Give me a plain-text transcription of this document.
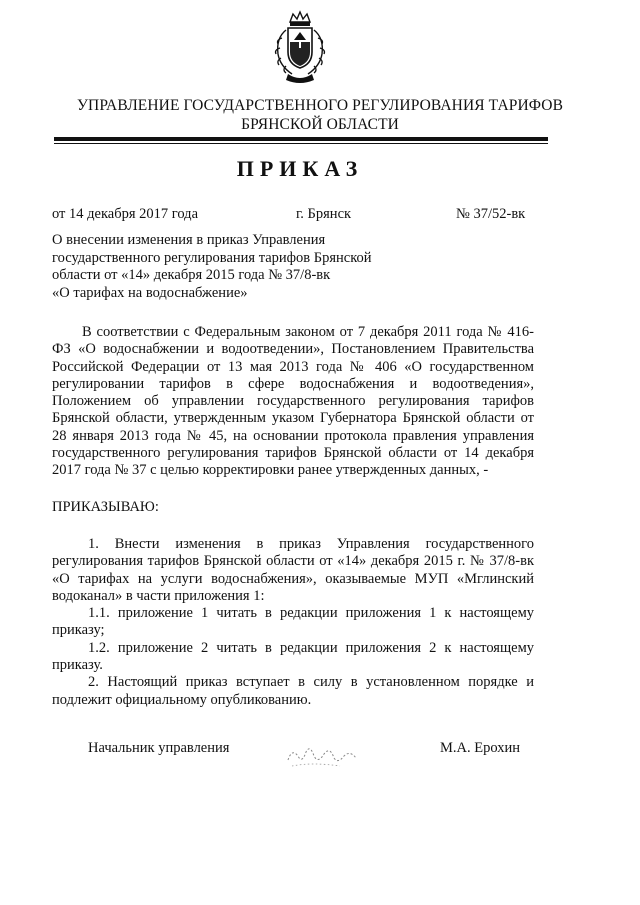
УПРАВЛЕНИЕ ГОСУДАРСТВЕННОГО РЕГУЛИРОВАНИЯ ТАРИФОВ
БРЯНСКОЙ ОБЛАСТИ
ПРИКАЗ
от 14 декабря 2017 года	г. Брянск	№ 37/52-вк
О внесении изменения в приказ Управления
государственного регулирования тарифов Брянской
области от «14» декабря 2015 года № 37/8-вк
«О тарифах на водоснабжение»
В соответствии с Федеральным законом от 7 декабря 2011 года № 416-ФЗ «О водоснабжении и водоотведении», Постановлением Правительства Российской Федерации от 13 мая 2013 года № 406 «О государственном регулировании тарифов в сфере водоснабжения и водоотведения», Положением об управлении государственного регулирования тарифов Брянской области, утвержденным указом Губернатора Брянской области от 28 января 2013 года № 45, на основании протокола правления управления государственного регулирования тарифов Брянской области от 14 декабря 2017 года № 37 с целью корректировки ранее утвержденных данных, -
ПРИКАЗЫВАЮ:
1. Внести изменения в приказ Управления государственного регулирования тарифов Брянской области от «14» декабря 2015 г. № 37/8-вк «О тарифах на услуги водоснабжения», оказываемые МУП «Мглинский водоканал» в части приложения 1:
1.1. приложение 1 читать в редакции приложения 1 к настоящему приказу;
1.2. приложение 2 читать в редакции приложения 2 к настоящему приказу.
2. Настоящий приказ вступает в силу в установленном порядке и подлежит официальному опубликованию.
Начальник управления	М.А. Ерохин
